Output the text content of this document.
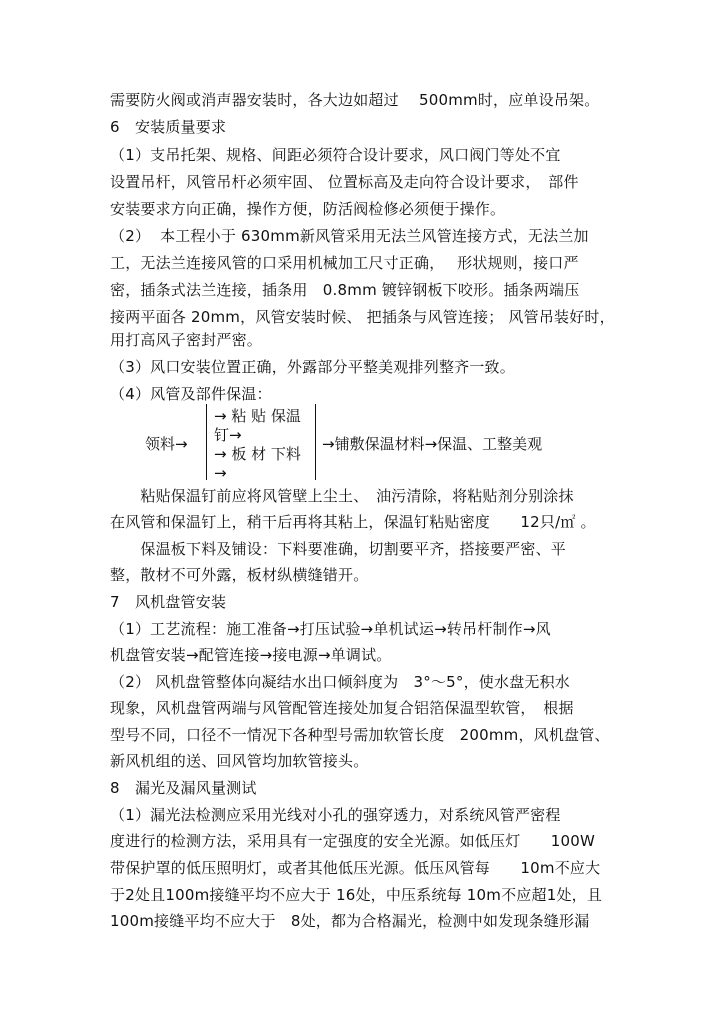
需要防火阀或消声器安装时，各大边如超过　 500mm时，应单设吊架。
6　安装质量要求
（1）支吊托架、规格、间距必须符合设计要求，风口阀门等处不宜
设置吊杆，风管吊杆必须牢固、 位置标高及走向符合设计要求，　部件
安装要求方向正确，操作方便，防活阀检修必须便于操作。
（2）  本工程小于 630mm新风管采用无法兰风管连接方式，无法兰加
工，无法兰连接风管的口采用机械加工尺寸正确，　 形状规则，接口严
密，插条式法兰连接，插条用　0.8mm 镀锌钢板下咬形。插条两端压
接两平面各 20mm，风管安装时候、 把插条与风管连接； 风管吊装好时，
用打高风子密封严密。
（3）风口安装位置正确，外露部分平整美观排列整齐一致。
（4）风管及部件保温：
领料→
→ 粘 贴 保温
钉→
→ 板 材 下料
→
→铺敷保温材料→保温、工整美观
　　粘贴保温钉前应将风管壁上尘土、　油污清除，将粘贴剂分别涂抹
在风管和保温钉上，稍干后再将其粘上，保温钉粘贴密度　　12只/㎡ 。
　　保温板下料及铺设：下料要准确，切割要平齐，搭接要严密、平
整，散材不可外露，板材纵横缝错开。
7　风机盘管安装
（1）工艺流程：施工准备→打压试验→单机试运→转吊杆制作→风
机盘管安装→配管连接→接电源→单调试。
（2） 风机盘管整体向凝结水出口倾斜度为　3°～5°，使水盘无积水
现象，风机盘管两端与风管配管连接处加复合铝箔保温型软管，　根据
型号不同，口径不一情况下各种型号需加软管长度　200mm，风机盘管、
新风机组的送、回风管均加软管接头。
8　漏光及漏风量测试
（1）漏光法检测应采用光线对小孔的强穿透力，对系统风管严密程
度进行的检测方法，采用具有一定强度的安全光源。如低压灯　　100W
带保护罩的低压照明灯，或者其他低压光源。低压风管每　　10m不应大
于2处且100m接缝平均不应大于 16处，中压系统每 10m不应超1处，且
100m接缝平均不应大于　8处，都为合格漏光，检测中如发现条缝形漏
